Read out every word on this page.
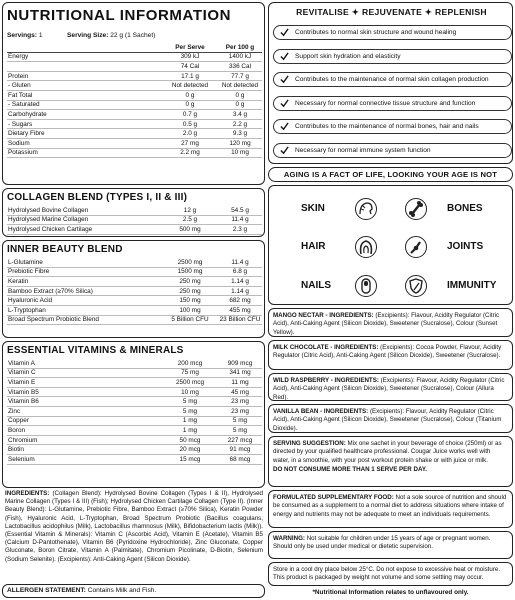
NUTRITIONAL INFORMATION
Servings: 1	Serving Size: 22 g (1 Sachet)
Per Serve	Per 100 g
Energy	309 kJ	1400 kJ
74 Cal	336 Cal
Protein	17.1 g	77.7 g
- Gluten	Not detected	Not detected
Fat Total	0 g	0 g
- Saturated	0 g	0 g
Carbohydrate	0.7 g	3.4 g
- Sugars	0.5 g	2.2 g
Dietary Fibre	2.0 g	9.3 g
Sodium	27 mg	120 mg
Potassium	2.2 mg	10 mg
COLLAGEN BLEND (TYPES I, II & III)
Hydrolysed Bovine Collagen	12 g	54.5 g
Hydrolysed Marine Collagen	2.5 g	11.4 g
Hydrolysed Chicken Cartilage	500 mg	2.3 g
INNER BEAUTY BLEND
L-Glutamine	2500 mg	11.4 g
Prebiotic Fibre	1500 mg	6.8 g
Keratin	250 mg	1.14 g
Bamboo Extract (≥70% Silica)	250 mg	1.14 g
Hyaluronic Acid	150 mg	682 mg
L-Tryptophan	100 mg	455 mg
Broad Spectrum Probiotic Blend	5 Billion CFU	23 Billion CFU
ESSENTIAL VITAMINS & MINERALS
Vitamin A	200 mcg	909 mcg
Vitamin C	75 mg	341 mg
Vitamin E	2500 mcg	11 mg
Vitamin B5	10 mg	45 mg
Vitamin B6	5 mg	23 mg
Zinc	5 mg	23 mg
Copper	1 mg	5 mg
Boron	1 mg	5 mg
Chromium	50 mcg	227 mcg
Biotin	20 mcg	91 mcg
Selenium	15 mcg	68 mcg
INGREDIENTS: (Collagen Blend): Hydrolysed Bovine Collagen (Types I & II), Hydrolysed Marine Collagen (Types I & III) (Fish); Hydrolysed Chicken Cartilage Collagen (Type II). (Inner Beauty Blend): L-Glutamine, Prebiotic Fibre, Bamboo Extract (≥70% Silica), Keratin Powder (Fish), Hyaluronic Acid, L-Tryptophan, Broad Spectrum Probiotic (Bacillus coagulans, Lactobacillus acidophilus (Milk), Lactobacillus rhamnosus (Milk), Bifidobacterium lactis (Milk)). (Essential Vitamin & Minerals): Vitamin C (Ascorbic Acid), Vitamin E (Acetate), Vitamin B5 (Calcium D-Pantothenate), Vitamin B6 (Pyridoxine Hydrochloride), Zinc Gluconate, Copper Gluconate, Boron Citrate, Vitamin A (Palmitate), Chromium Picolinate, D-Biotin, Selenium (Sodium Selenite). (Excipients): Anti-Caking Agent (Silicon Dioxide).
ALLERGEN STATEMENT: Contains Milk and Fish.
REVITALISE ✦ REJUVENATE ✦ REPLENISH
Contributes to normal skin structure and wound healing
Support skin hydration and elasticity
Contributes to the maintenance of normal skin collagen production
Necessary for normal connective tissue structure and function
Contributes to the maintenance of normal bones, hair and nails
Necessary for normal immune system function
AGING IS A FACT OF LIFE, LOOKING YOUR AGE IS NOT
SKIN	BONES
HAIR	JOINTS
NAILS	IMMUNITY
MANGO NECTAR - INGREDIENTS: (Excipients): Flavour, Acidity Regulator (Citric Acid), Anti-Caking Agent (Silicon Dioxide), Sweetener (Sucralose), Colour (Sunset Yellow).
MILK CHOCOLATE - INGREDIENTS: (Excipients): Cocoa Powder, Flavour, Acidity Regulator (Citric Acid), Anti-Caking Agent (Silicon Dioxide), Sweetener (Sucralose).
WILD RASPBERRY - INGREDIENTS: (Excipients): Flavour, Acidity Regulator (Citric Acid), Anti-Caking Agent (Silicon Dioxide), Sweetener (Sucralose), Colour (Allura Red).
VANILLA BEAN - INGREDIENTS: (Excipients): Flavour, Acidity Regulator (Citric Acid), Anti-Caking Agent (Silicon Dioxide), Sweetener (Sucralose), Colour (Titanium Dioxide).
SERVING SUGGESTION: Mix one sachet in your beverage of choice (250ml) or as directed by your qualified healthcare professional. Cougar Juice works well with water, in a smoothie, with your post workout protein shake or with juice or milk.
DO NOT CONSUME MORE THAN 1 SERVE PER DAY.
FORMULATED SUPPLEMENTARY FOOD: Not a sole source of nutrition and should be consumed as a supplement to a normal diet to address situations where intake of energy and nutrients may not be adequate to meet an individuals requirements.
WARNING: Not suitable for children under 15 years of age or pregnant women. Should only be used under medical or dietetic supervision.
Store in a cool dry place below 25°C. Do not expose to excessive heat or moisture. This product is packaged by weight not volume and some settling may occur.
*Nutritional Information relates to unflavoured only.
